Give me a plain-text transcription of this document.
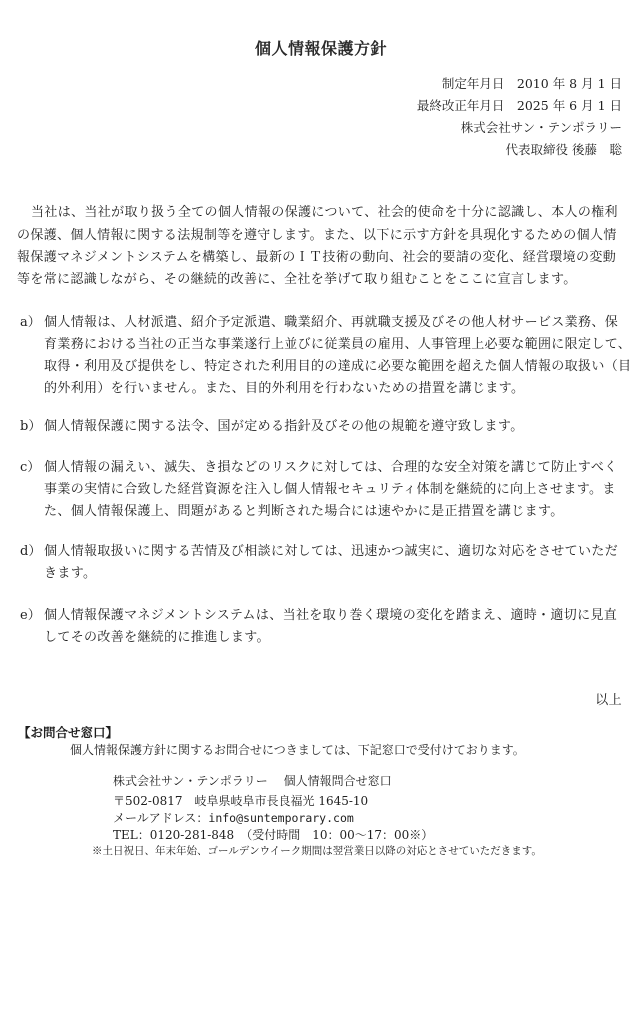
個人情報保護方針
制定年月日　 2010 年 8 月 1 日
最終改正年月日　 2025 年 6 月 1 日
株式会社サン・テンポラリー
代表取締役 後藤　聡
当社は、当社が取り扱う全ての個人情報の保護について、社会的使命を十分に認識し、本人の権利
の保護、個人情報に関する法規制等を遵守します。また、以下に示す方針を具現化するための個人情
報保護マネジメントシステムを構築し、最新のＩＴ技術の動向、社会的要請の変化、経営環境の変動
等を常に認識しながら、その継続的改善に、全社を挙げて取り組むことをここに宣言します。
a） 個人情報は、人材派遣、紹介予定派遣、職業紹介、再就職支援及びその他人材サービス業務、保
育業務における当社の正当な事業遂行上並びに従業員の雇用、人事管理上必要な範囲に限定して、
取得・利用及び提供をし、特定された利用目的の達成に必要な範囲を超えた個人情報の取扱い（目
的外利用）を行いません。また、目的外利用を行わないための措置を講じます。
b） 個人情報保護に関する法令、国が定める指針及びその他の規範を遵守致します。
c） 個人情報の漏えい、滅失、き損などのリスクに対しては、合理的な安全対策を講じて防止すべく
事業の実情に合致した経営資源を注入し個人情報セキュリティ体制を継続的に向上させます。ま
た、個人情報保護上、問題があると判断された場合には速やかに是正措置を講じます。
d） 個人情報取扱いに関する苦情及び相談に対しては、迅速かつ誠実に、適切な対応をさせていただ
きます。
e） 個人情報保護マネジメントシステムは、当社を取り巻く環境の変化を踏まえ、適時・適切に見直
してその改善を継続的に推進します。
以上
【お問合せ窓口】
個人情報保護方針に関するお問合せにつきましては、下記窓口で受付けております。
株式会社サン・テンポラリー　 個人情報問合せ窓口
〒502-0817　岐阜県岐阜市長良福光 1645-10
メールアドレス：info@suntemporary.com
TEL：0120-281-848　（受付時間　10：00〜17：00※）
※土日祝日、年末年始、ゴールデンウイーク期間は翌営業日以降の対応とさせていただきます。
